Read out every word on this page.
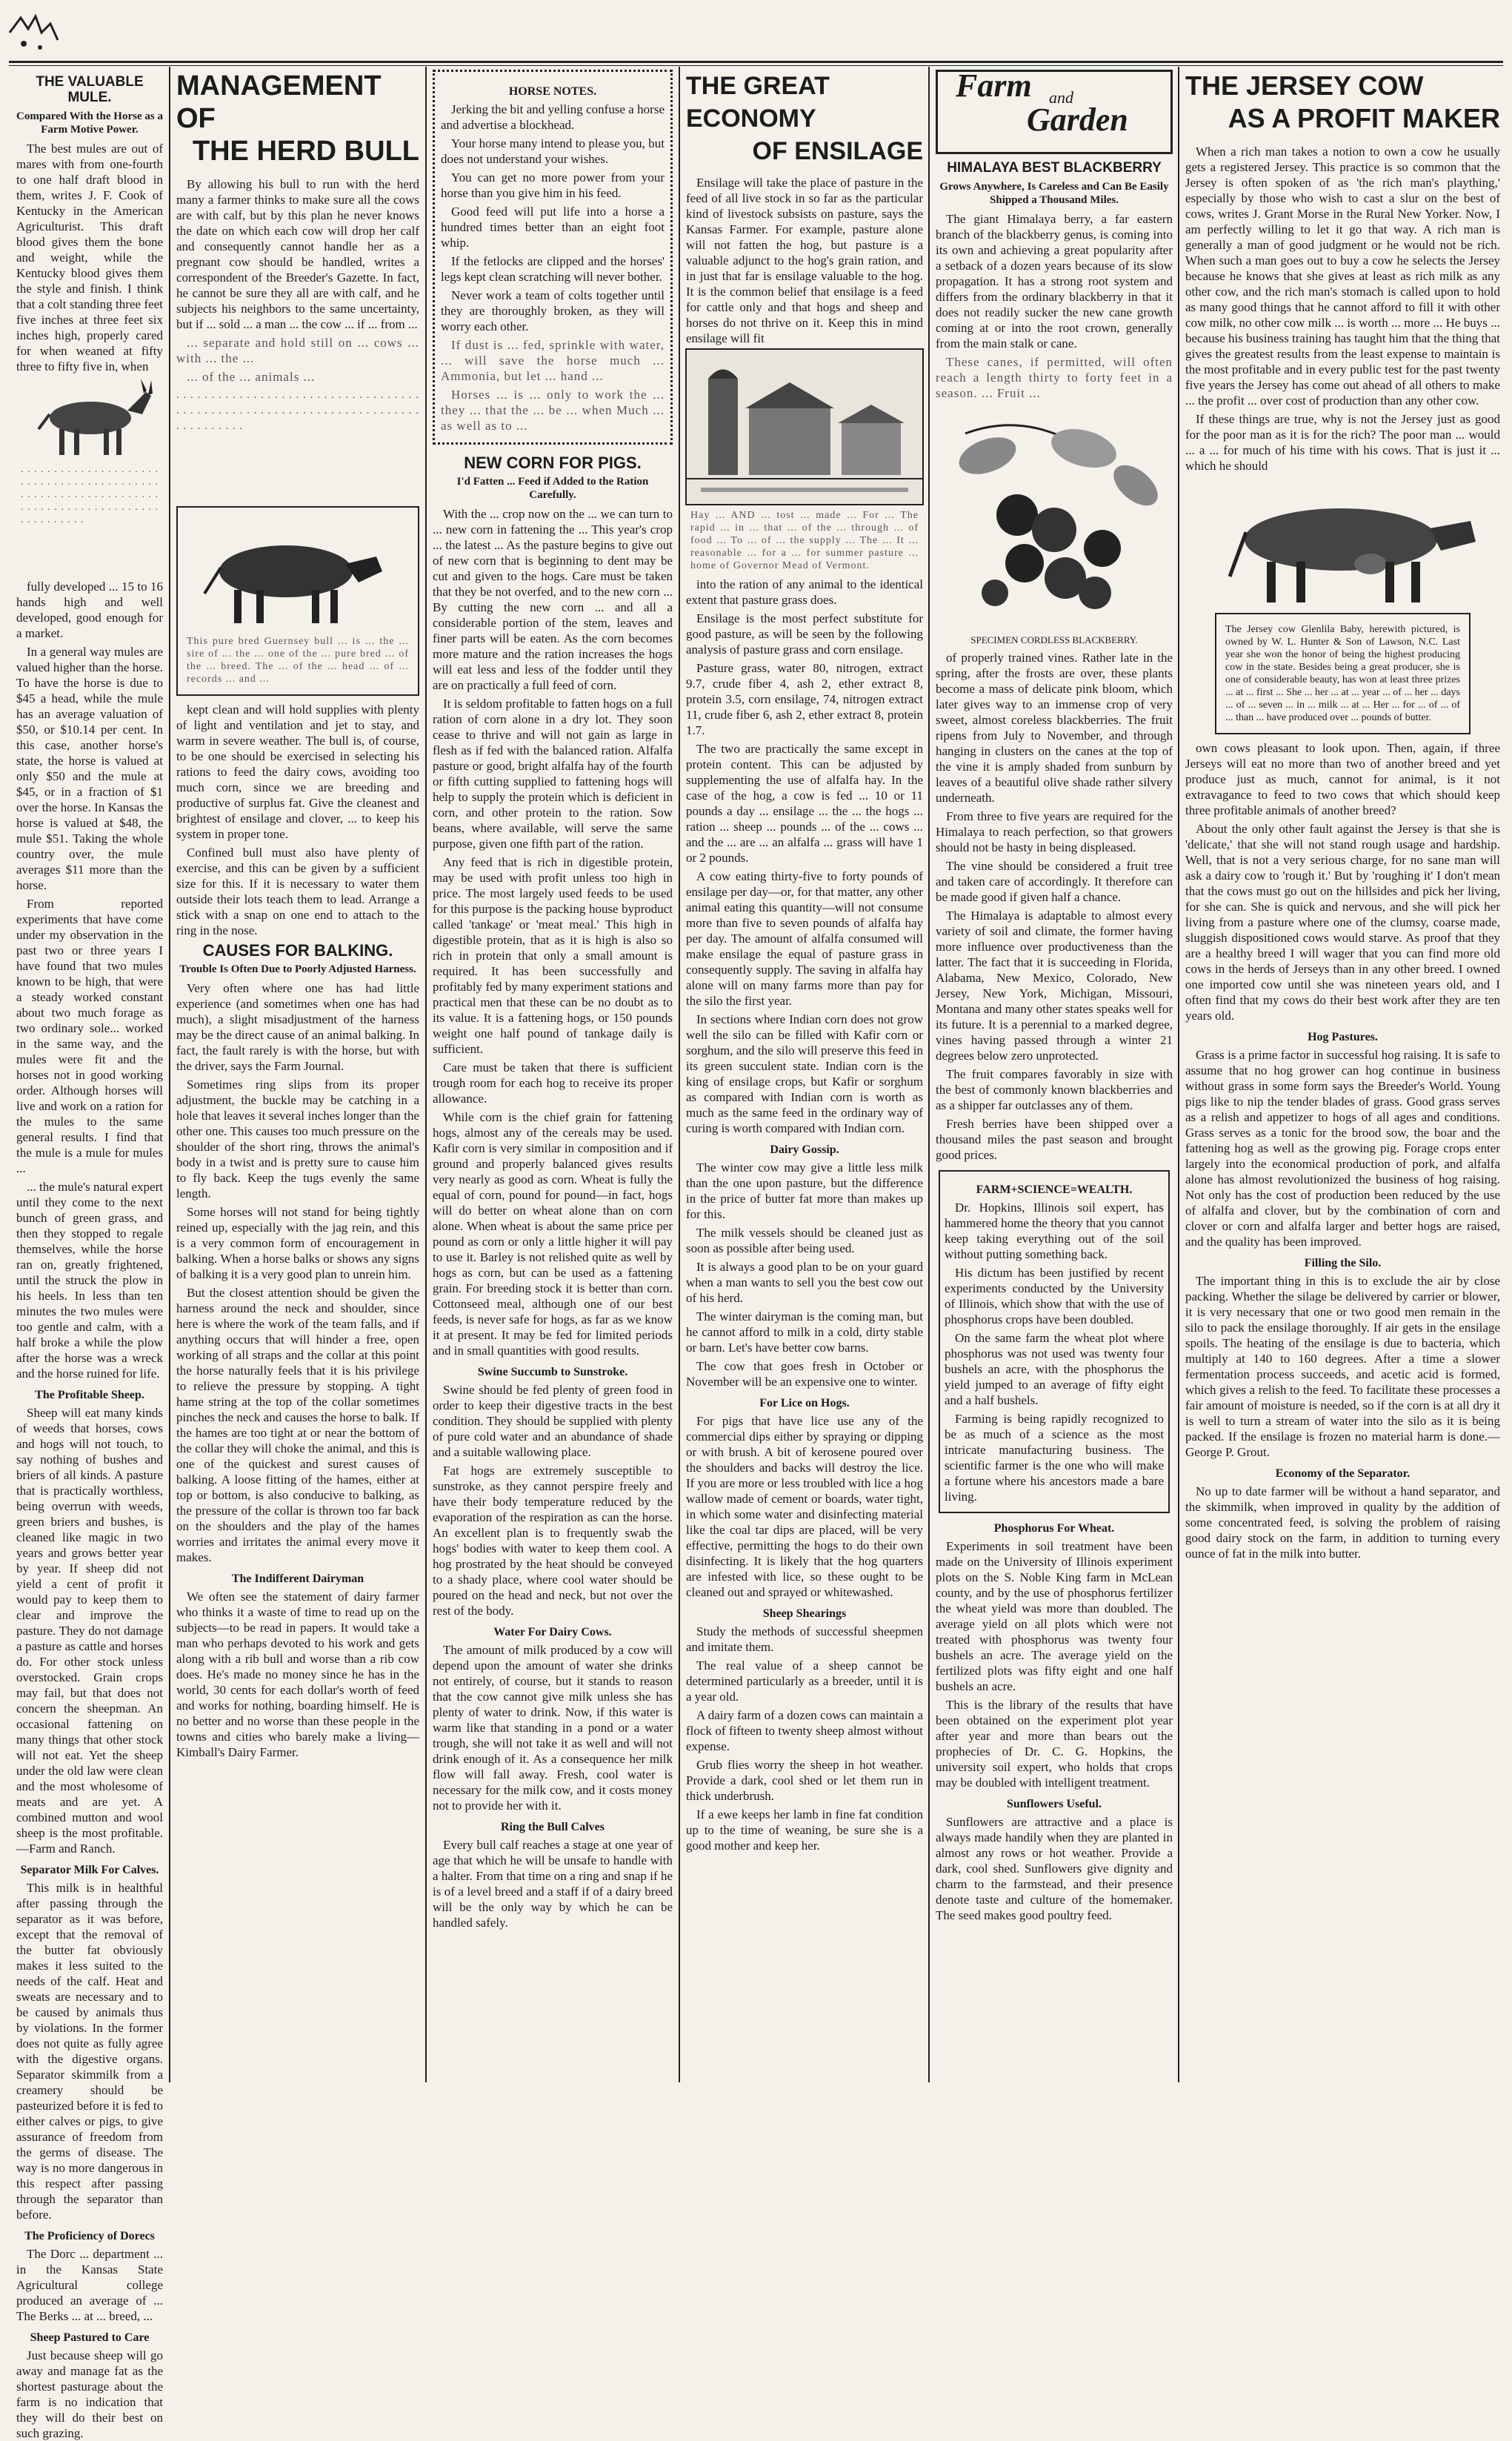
THE VALUABLE MULE.
Compared With the Horse as a Farm Motive Power.

The best mules are out of mares with from one-fourth to one half draft blood in them, writes J. F. Cook of Kentucky in the American Agriculturist. This draft blood gives them the bone and weight, while the Kentucky blood gives them the style and finish. I think that a colt standing three feet five inches at three feet six inches high, properly cared for when weaned at fifty three to fifty five in, when

. . . . . . . . . . . . . . . . . . . . . . . . . . . . . . . . . . . . . . . . . . . . . . . . . . . . . . . . . . . . . . . . . . . . . . . . . . . . . . . . . . . . . . . . . . . . . .

fully developed ... 15 to 16 hands high and well developed, good enough for a market.

In a general way mules are valued higher than the horse. To have the horse is due to $45 a head, while the mule has an average valuation of $50, or $10.14 per cent. In this case, another horse's state, the horse is valued at only $50 and the mule at $45, or in a fraction of $1 over the horse. In Kansas the horse is valued at $48, the mule $51. Taking the whole country over, the mule averages $11 more than the horse.

From reported experiments that have come under my observation in the past two or three years I have found that two mules known to be high, that were a steady worked constant about two much forage as two ordinary sole... worked in the same way, and the mules were fit and the horses not in good working order. Although horses will live and work on a ration for the mules to the same general results. I find that the mule is a mule for mules ...

... the mule's natural expert until they come to the next bunch of green grass, and then they stopped to regale themselves, while the horse ran on, greatly frightened, until the struck the plow in his heels. In less than ten minutes the two mules were too gentle and calm, with a half broke a while the plow after the horse was a wreck and the horse ruined for life.

The Profitable Sheep.

Sheep will eat many kinds of weeds that horses, cows and hogs will not touch, to say nothing of bushes and briers of all kinds. A pasture that is practically worthless, being overrun with weeds, green briers and bushes, is cleaned like magic in two years and grows better year by year. If sheep did not yield a cent of profit it would pay to keep them to clear and improve the pasture. They do not damage a pasture as cattle and horses do. For other stock unless overstocked. Grain crops may fail, but that does not concern the sheepman. An occasional fattening on many things that other stock will not eat. Yet the sheep under the old law were clean and the most wholesome of meats and are yet. A combined mutton and wool sheep is the most profitable.—Farm and Ranch.

Separator Milk For Calves.

This milk is in healthful after passing through the separator as it was before, except that the removal of the butter fat obviously makes it less suited to the needs of the calf. Heat and sweats are necessary and to be caused by animals thus by violations. In the former does not quite as fully agree with the digestive organs. Separator skimmilk from a creamery should be pasteurized before it is fed to either calves or pigs, to give assurance of freedom from the germs of disease. The way is no more dangerous in this respect after passing through the separator than before.

The Proficiency of Dorecs

The Dorc ... department ... in the Kansas State Agricultural college produced an average of ... The Berks ... at ... breed, ...

Sheep Pastured to Care

Just because sheep will go away and manage fat as the shortest pasturage about the farm is no indication that they will do their best on such grazing.

MANAGEMENT OF
THE HERD BULL

By allowing his bull to run with the herd many a farmer thinks to make sure all the cows are with calf, but by this plan he never knows the date on which each cow will drop her calf and consequently cannot handle her as a pregnant cow should be handled, writes a correspondent of the Breeder's Gazette. In fact, he cannot be sure they all are with calf, and he subjects his neighbors to the same uncertainty, but if ... sold ... a man ... the cow ... if ... from ...

... separate and hold still on ... cows ... with ... the ...

... of the ... animals ...

. . . . . . . . . . . . . . . . . . . . . . . . . . . . . . . . . . . . . . . . . . . . . . . . . . . . . . . . . . . . . . . . . . . . . . . . . . . . . . . .
This pure bred Guernsey bull ... is ... the ... sire of ... the ... one of the ... pure bred ... of the ... breed. The ... of the ... head ... of ... records ... and ...

kept clean and will hold supplies with plenty of light and ventilation and jet to stay, and warm in severe weather. The bull is, of course, to be one should be exercised in selecting his rations to feed the dairy cows, avoiding too much corn, since we are breeding and productive of surplus fat. Give the cleanest and brightest of ensilage and clover, ... to keep his system in proper tone.

Confined bull must also have plenty of exercise, and this can be given by a sufficient size for this. If it is necessary to water them outside their lots teach them to lead. Arrange a stick with a snap on one end to attach to the ring in the nose.

CAUSES FOR BALKING.
Trouble Is Often Due to Poorly Adjusted Harness.

Very often where one has had little experience (and sometimes when one has had much), a slight misadjustment of the harness may be the direct cause of an animal balking. In fact, the fault rarely is with the horse, but with the driver, says the Farm Journal.

Sometimes ring slips from its proper adjustment, the buckle may be catching in a hole that leaves it several inches longer than the other one. This causes too much pressure on the shoulder of the short ring, throws the animal's body in a twist and is pretty sure to cause him to fly back. Keep the tugs evenly the same length.

Some horses will not stand for being tightly reined up, especially with the jag rein, and this is a very common form of encouragement in balking. When a horse balks or shows any signs of balking it is a very good plan to unrein him.

But the closest attention should be given the harness around the neck and shoulder, since here is where the work of the team falls, and if anything occurs that will hinder a free, open working of all straps and the collar at this point the horse naturally feels that it is his privilege to relieve the pressure by stopping. A tight hame string at the top of the collar sometimes pinches the neck and causes the horse to balk. If the hames are too tight at or near the bottom of the collar they will choke the animal, and this is one of the quickest and surest causes of balking. A loose fitting of the hames, either at top or bottom, is also conducive to balking, as the pressure of the collar is thrown too far back on the shoulders and the play of the hames worries and irritates the animal every move it makes.

The Indifferent Dairyman

We often see the statement of dairy farmer who thinks it a waste of time to read up on the subjects—to be read in papers. It would take a man who perhaps devoted to his work and gets along with a rib bull and worse than a rib cow does. He's made no money since he has in the world, 30 cents for each dollar's worth of feed and works for nothing, boarding himself. He is no better and no worse than these people in the towns and cities who barely make a living—Kimball's Dairy Farmer.

HORSE NOTES.

Jerking the bit and yelling confuse a horse and advertise a blockhead.

Your horse many intend to please you, but does not understand your wishes.

You can get no more power from your horse than you give him in his feed.

Good feed will put life into a horse a hundred times better than an eight foot whip.

If the fetlocks are clipped and the horses' legs kept clean scratching will never bother.

Never work a team of colts together until they are thoroughly broken, as they will worry each other.

If dust is ... fed, sprinkle with water, ... will save the horse much ... Ammonia, but let ... hand ...

Horses ... is ... only to work the ... they ... that the ... be ... when Much ... as well as to ...

NEW CORN FOR PIGS.
I'd Fatten ... Feed if Added to the Ration Carefully.

With the ... crop now on the ... we can turn to ... new corn in fattening the ... This year's crop ... the latest ... As the pasture begins to give out of new corn that is beginning to dent may be cut and given to the hogs. Care must be taken that they be not overfed, and to the new corn ... By cutting the new corn ... and all a considerable portion of the stem, leaves and finer parts will be eaten. As the corn becomes more mature and the ration increases the hogs will eat less and less of the fodder until they are on practically a full feed of corn.

It is seldom profitable to fatten hogs on a full ration of corn alone in a dry lot. They soon cease to thrive and will not gain as large in flesh as if fed with the balanced ration. Alfalfa pasture or good, bright alfalfa hay of the fourth or fifth cutting supplied to fattening hogs will help to supply the protein which is deficient in corn, and other protein to the ration. Sow beans, where available, will serve the same purpose, given one fifth part of the ration.

Any feed that is rich in digestible protein, may be used with profit unless too high in price. The most largely used feeds to be used for this purpose is the packing house byproduct called 'tankage' or 'meat meal.' This high in digestible protein, that as it is high is also so rich in protein that only a small amount is required. It has been successfully and profitably fed by many experiment stations and practical men that these can be no doubt as to its value. It is a fattening hogs, or 150 pounds weight one half pound of tankage daily is sufficient.

Care must be taken that there is sufficient trough room for each hog to receive its proper allowance.

While corn is the chief grain for fattening hogs, almost any of the cereals may be used. Kafir corn is very similar in composition and if ground and properly balanced gives results very nearly as good as corn. Wheat is fully the equal of corn, pound for pound—in fact, hogs will do better on wheat alone than on corn alone. When wheat is about the same price per pound as corn or only a little higher it will pay to use it. Barley is not relished quite as well by hogs as corn, but can be used as a fattening grain. For breeding stock it is better than corn. Cottonseed meal, although one of our best feeds, is never safe for hogs, as far as we know it at present. It may be fed for limited periods and in small quantities with good results.

Swine Succumb to Sunstroke.

Swine should be fed plenty of green food in order to keep their digestive tracts in the best condition. They should be supplied with plenty of pure cold water and an abundance of shade and a suitable wallowing place.

Fat hogs are extremely susceptible to sunstroke, as they cannot perspire freely and have their body temperature reduced by the evaporation of the respiration as can the horse. An excellent plan is to frequently swab the hogs' bodies with water to keep them cool. A hog prostrated by the heat should be conveyed to a shady place, where cool water should be poured on the head and neck, but not over the rest of the body.

Water For Dairy Cows.

The amount of milk produced by a cow will depend upon the amount of water she drinks not entirely, of course, but it stands to reason that the cow cannot give milk unless she has plenty of water to drink. Now, if this water is warm like that standing in a pond or a water trough, she will not take it as well and will not drink enough of it. As a consequence her milk flow will fall away. Fresh, cool water is necessary for the milk cow, and it costs money not to provide her with it.

Ring the Bull Calves

Every bull calf reaches a stage at one year of age that which he will be unsafe to handle with a halter. From that time on a ring and snap if he is of a level breed and a staff if of a dairy breed will be the only way by which he can be handled safely.

THE GREAT ECONOMY
OF ENSILAGE

Ensilage will take the place of pasture in the feed of all live stock in so far as the particular kind of livestock subsists on pasture, says the Kansas Farmer. For example, pasture alone will not fatten the hog, but pasture is a valuable adjunct to the hog's grain ration, and in just that far is ensilage valuable to the hog. It is the common belief that ensilage is a feed for cattle only and that hogs and sheep and horses do not thrive on it. Keep this in mind ensilage will fit

Hay ... AND ... tost ... made ... For ... The rapid ... in ... that ... of the ... through ... of food ... To ... of ... the supply ... The ... It ... reasonable ... for a ... for summer pasture ... home of Governor Mead of Vermont.

into the ration of any animal to the identical extent that pasture grass does.

Ensilage is the most perfect substitute for good pasture, as will be seen by the following analysis of pasture grass and corn ensilage.

Pasture grass, water 80, nitrogen, extract 9.7, crude fiber 4, ash 2, ether extract 8, protein 3.5, corn ensilage, 74, nitrogen extract 11, crude fiber 6, ash 2, ether extract 8, protein 1.7.

The two are practically the same except in protein content. This can be adjusted by supplementing the use of alfalfa hay. In the case of the hog, a cow is fed ... 10 or 11 pounds a day ... ensilage ... the ... the hogs ... ration ... sheep ... pounds ... of the ... cows ... and the ... are ... an alfalfa ... grass will have 1 or 2 pounds.

A cow eating thirty-five to forty pounds of ensilage per day—or, for that matter, any other animal eating this quantity—will not consume more than five to seven pounds of alfalfa hay per day. The amount of alfalfa consumed will make ensilage the equal of pasture grass in consequently supply. The saving in alfalfa hay alone will on many farms more than pay for the silo the first year.

In sections where Indian corn does not grow well the silo can be filled with Kafir corn or sorghum, and the silo will preserve this feed in its green succulent state. Indian corn is the king of ensilage crops, but Kafir or sorghum as compared with Indian corn is worth as much as the same feed in the ordinary way of curing is worth compared with Indian corn.

Dairy Gossip.

The winter cow may give a little less milk than the one upon pasture, but the difference in the price of butter fat more than makes up for this.

The milk vessels should be cleaned just as soon as possible after being used.

It is always a good plan to be on your guard when a man wants to sell you the best cow out of his herd.

The winter dairyman is the coming man, but he cannot afford to milk in a cold, dirty stable or barn. Let's have better cow barns.

The cow that goes fresh in October or November will be an expensive one to winter.

For Lice on Hogs.

For pigs that have lice use any of the commercial dips either by spraying or dipping or with brush. A bit of kerosene poured over the shoulders and backs will destroy the lice. If you are more or less troubled with lice a hog wallow made of cement or boards, water tight, in which some water and disinfecting material like the coal tar dips are placed, will be very effective, permitting the hogs to do their own disinfecting. It is likely that the hog quarters are infested with lice, so these ought to be cleaned out and sprayed or whitewashed.

Sheep Shearings

Study the methods of successful sheepmen and imitate them.

The real value of a sheep cannot be determined particularly as a breeder, until it is a year old.

A dairy farm of a dozen cows can maintain a flock of fifteen to twenty sheep almost without expense.

Grub flies worry the sheep in hot weather. Provide a dark, cool shed or let them run in thick underbrush.

If a ewe keeps her lamb in fine fat condition up to the time of weaning, be sure she is a good mother and keep her.

Farm and
Garden
HIMALAYA BEST BLACKBERRY
Grows Anywhere, Is Careless and Can Be Easily Shipped a Thousand Miles.

The giant Himalaya berry, a far eastern branch of the blackberry genus, is coming into its own and achieving a great popularity after a setback of a dozen years because of its slow propagation. It has a strong root system and differs from the ordinary blackberry in that it does not readily sucker the new cane growth coming at or into the root crown, generally from the main stalk or cane.

These canes, if permitted, will often reach a length thirty to forty feet in a season. ... Fruit ...

SPECIMEN CORDLESS BLACKBERRY.

of properly trained vines. Rather late in the spring, after the frosts are over, these plants become a mass of delicate pink bloom, which later gives way to an immense crop of very sweet, almost coreless blackberries. The fruit ripens from July to November, and through hanging in clusters on the canes at the top of the vine it is amply shaded from sunburn by leaves of a beautiful olive shade rather silvery underneath.

From three to five years are required for the Himalaya to reach perfection, so that growers should not be hasty in being displeased.

The vine should be considered a fruit tree and taken care of accordingly. It therefore can be made good if given half a chance.

The Himalaya is adaptable to almost every variety of soil and climate, the former having more influence over productiveness than the latter. The fact that it is succeeding in Florida, Alabama, New Mexico, Colorado, New Jersey, New York, Michigan, Missouri, Montana and many other states speaks well for its future. It is a perennial to a marked degree, vines having passed through a winter 21 degrees below zero unprotected.

The fruit compares favorably in size with the best of commonly known blackberries and as a shipper far outclasses any of them.

Fresh berries have been shipped over a thousand miles the past season and brought good prices.

FARM+SCIENCE=WEALTH.

Dr. Hopkins, Illinois soil expert, has hammered home the theory that you cannot keep taking everything out of the soil without putting something back.

His dictum has been justified by recent experiments conducted by the University of Illinois, which show that with the use of phosphorus crops have been doubled.

On the same farm the wheat plot where phosphorus was not used was twenty four bushels an acre, with the phosphorus the yield jumped to an average of fifty eight and a half bushels.

Farming is being rapidly recognized to be as much of a science as the most intricate manufacturing business. The scientific farmer is the one who will make a fortune where his ancestors made a bare living.

Phosphorus For Wheat.

Experiments in soil treatment have been made on the University of Illinois experiment plots on the S. Noble King farm in McLean county, and by the use of phosphorus fertilizer the wheat yield was more than doubled. The average yield on all plots which were not treated with phosphorus was twenty four bushels an acre. The average yield on the fertilized plots was fifty eight and one half bushels an acre.

This is the library of the results that have been obtained on the experiment plot year after year and more than bears out the prophecies of Dr. C. G. Hopkins, the university soil expert, who holds that crops may be doubled with intelligent treatment.

Sunflowers Useful.

Sunflowers are attractive and a place is always made handily when they are planted in almost any rows or hot weather. Provide a dark, cool shed. Sunflowers give dignity and charm to the farmstead, and their presence denote taste and culture of the homemaker. The seed makes good poultry feed.

THE JERSEY COW
AS A PROFIT MAKER

When a rich man takes a notion to own a cow he usually gets a registered Jersey. This practice is so common that the Jersey is often spoken of as 'the rich man's plaything,' especially by those who wish to cast a slur on the best of cows, writes J. Grant Morse in the Rural New Yorker. Now, I am perfectly willing to let it go that way. A rich man is generally a man of good judgment or he would not be rich. When such a man goes out to buy a cow he selects the Jersey because he knows that she gives at least as rich milk as any other cow, and the rich man's stomach is called upon to hold as many good things that he cannot afford to fill it with other cow milk, no other cow milk ... is worth ... more ... He buys ... because his business training has taught him that the thing that gives the greatest results from the least expense to maintain is the most profitable and in every public test for the past twenty five years the Jersey has come out ahead of all others to make ... the profit ... over cost of production than any other cow.

If these things are true, why is not the Jersey just as good for the poor man as it is for the rich? The poor man ... would ... a ... for much of his time with his cows. That is just it ... which he should

The Jersey cow Glenlila Baby, herewith pictured, is owned by W. L. Hunter & Son of Lawson, N.C. Last year she won the honor of being the highest producing cow in the state. Besides being a great producer, she is one of considerable beauty, has won at least three prizes ... at ... first ... She ... her ... at ... year ... of ... her ... days ... of ... seven ... in ... milk ... at ... Her ... for ... of ... of ... than ... have produced over ... pounds of butter.

own cows pleasant to look upon. Then, again, if three Jerseys will eat no more than two of another breed and yet produce just as much, cannot for animal, is it not extravagance to feed to two cows that which should keep three profitable animals of another breed?

About the only other fault against the Jersey is that she is 'delicate,' that she will not stand rough usage and hardship. Well, that is not a very serious charge, for no sane man will ask a dairy cow to 'rough it.' But by 'roughing it' I don't mean that the cows must go out on the hillsides and pick her living, for she can. She is quick and nervous, and she will pick her living from a pasture where one of the clumsy, coarse made, sluggish dispositioned cows would starve. As proof that they are a healthy breed I will wager that you can find more old cows in the herds of Jerseys than in any other breed. I owned one imported cow until she was nineteen years old, and I often find that my cows do their best work after they are ten years old.

Hog Pastures.

Grass is a prime factor in successful hog raising. It is safe to assume that no hog grower can hog continue in business without grass in some form says the Breeder's World. Young pigs like to nip the tender blades of grass. Good grass serves as a relish and appetizer to hogs of all ages and conditions. Grass serves as a tonic for the brood sow, the boar and the fattening hog as well as the growing pig. Forage crops enter largely into the economical production of pork, and alfalfa alone has almost revolutionized the business of hog raising. Not only has the cost of production been reduced by the use of alfalfa and clover, but by the combination of corn and clover or corn and alfalfa larger and better hogs are raised, and the quality has been improved.

Filling the Silo.

The important thing in this is to exclude the air by close packing. Whether the silage be delivered by carrier or blower, it is very necessary that one or two good men remain in the silo to pack the ensilage thoroughly. If air gets in the ensilage spoils. The heating of the ensilage is due to bacteria, which multiply at 140 to 160 degrees. After a time a slower fermentation process succeeds, and acetic acid is formed, which gives a relish to the feed. To facilitate these processes a fair amount of moisture is needed, so if the corn is at all dry it is well to turn a stream of water into the silo as it is being packed. If the ensilage is frozen no material harm is done.—George P. Grout.

Economy of the Separator.

No up to date farmer will be without a hand separator, and the skimmilk, when improved in quality by the addition of some concentrated feed, is solving the problem of raising good dairy stock on the farm, in addition to turning every ounce of fat in the milk into butter.
